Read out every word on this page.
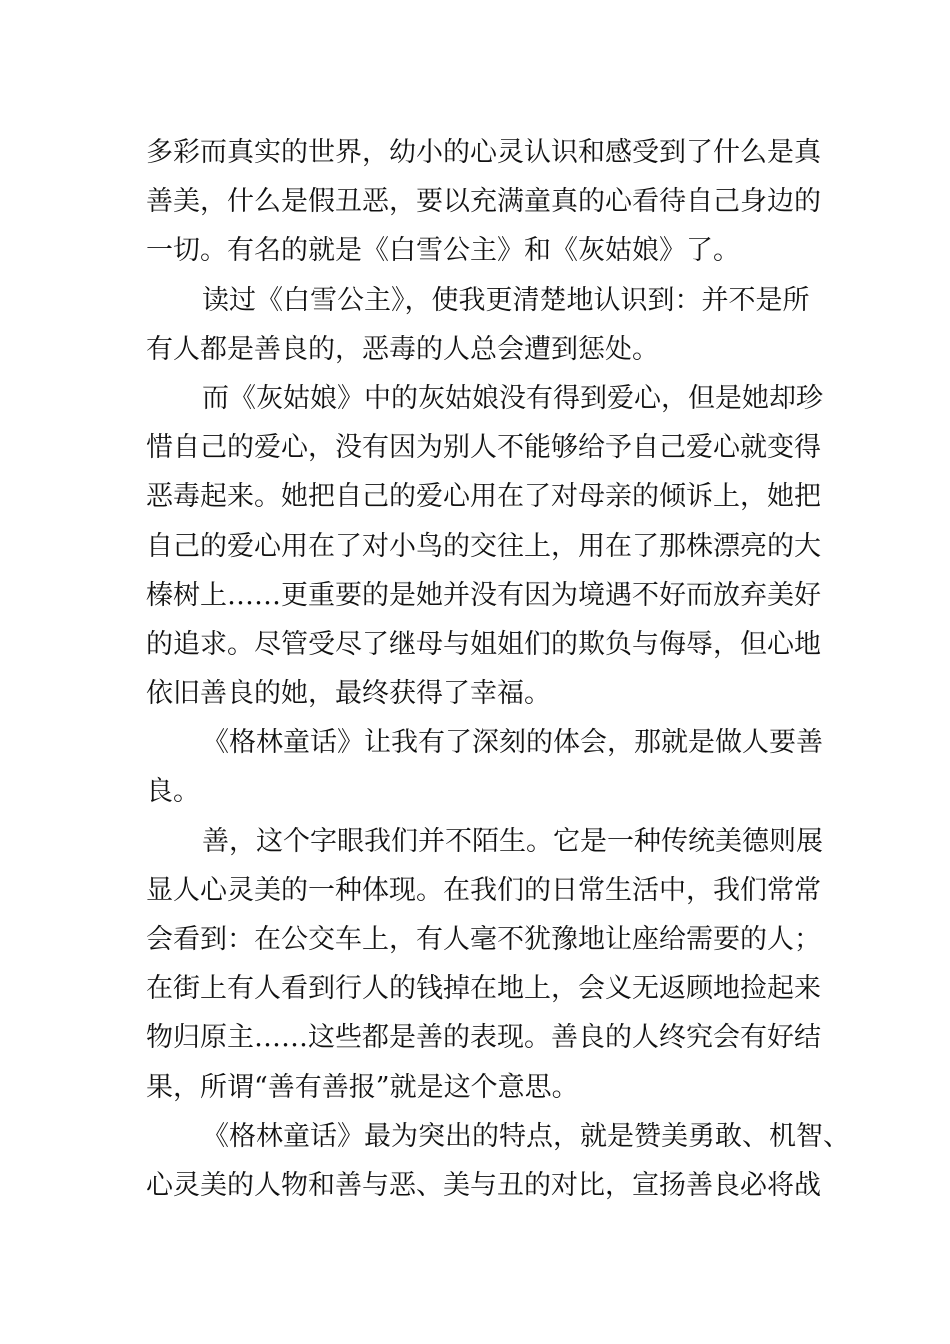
多彩而真实的世界，幼小的心灵认识和感受到了什么是真
善美，什么是假丑恶，要以充满童真的心看待自己身边的
一切。有名的就是《白雪公主》和《灰姑娘》了。
读过《白雪公主》，使我更清楚地认识到：并不是所
有人都是善良的，恶毒的人总会遭到惩处。
而《灰姑娘》中的灰姑娘没有得到爱心，但是她却珍
惜自己的爱心，没有因为别人不能够给予自己爱心就变得
恶毒起来。她把自己的爱心用在了对母亲的倾诉上，她把
自己的爱心用在了对小鸟的交往上，用在了那株漂亮的大
榛树上……更重要的是她并没有因为境遇不好而放弃美好
的追求。尽管受尽了继母与姐姐们的欺负与侮辱，但心地
依旧善良的她，最终获得了幸福。
《格林童话》让我有了深刻的体会，那就是做人要善
良。
善，这个字眼我们并不陌生。它是一种传统美德则展
显人心灵美的一种体现。在我们的日常生活中，我们常常
会看到：在公交车上，有人毫不犹豫地让座给需要的人；
在街上有人看到行人的钱掉在地上，会义无返顾地捡起来
物归原主……这些都是善的表现。善良的人终究会有好结
果，所谓“善有善报”就是这个意思。
《格林童话》最为突出的特点，就是赞美勇敢、机智、
心灵美的人物和善与恶、美与丑的对比，宣扬善良必将战
